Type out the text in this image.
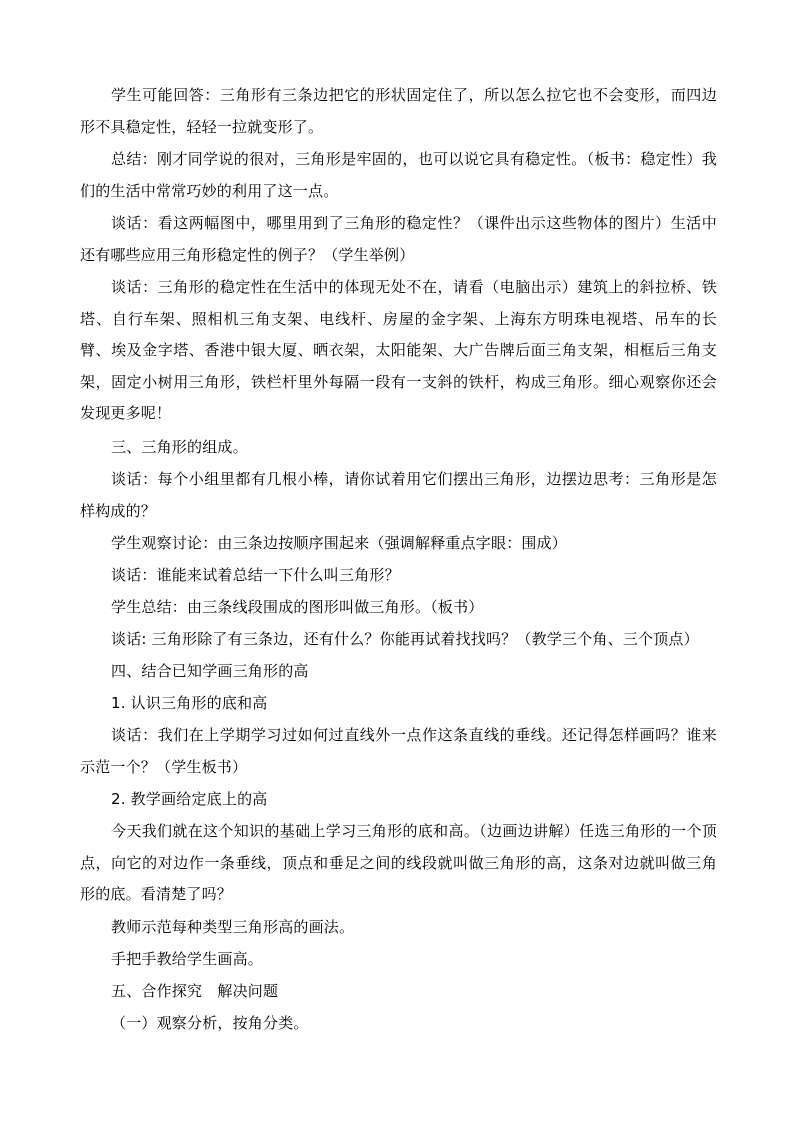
学生可能回答：三角形有三条边把它的形状固定住了，所以怎么拉它也不会变形，而四边形不具稳定性，轻轻一拉就变形了。

总结：刚才同学说的很对，三角形是牢固的，也可以说它具有稳定性。（板书：稳定性）我们的生活中常常巧妙的利用了这一点。

谈话：看这两幅图中，哪里用到了三角形的稳定性？（课件出示这些物体的图片）生活中还有哪些应用三角形稳定性的例子？（学生举例）

谈话：三角形的稳定性在生活中的体现无处不在，请看（电脑出示）建筑上的斜拉桥、铁塔、自行车架、照相机三角支架、电线杆、房屋的金字架、上海东方明珠电视塔、吊车的长臂、埃及金字塔、香港中银大厦、晒衣架，太阳能架、大广告牌后面三角支架，相框后三角支架，固定小树用三角形，铁栏杆里外每隔一段有一支斜的铁杆，构成三角形。细心观察你还会发现更多呢！

三、三角形的组成。

谈话：每个小组里都有几根小棒，请你试着用它们摆出三角形，边摆边思考：三角形是怎样构成的？

学生观察讨论：由三条边按顺序围起来（强调解释重点字眼：围成）

谈话：谁能来试着总结一下什么叫三角形？

学生总结：由三条线段围成的图形叫做三角形。（板书）

谈话: 三角形除了有三条边，还有什么？你能再试着找找吗？（教学三个角、三个顶点）

四、结合已知学画三角形的高

1. 认识三角形的底和高

谈话：我们在上学期学习过如何过直线外一点作这条直线的垂线。还记得怎样画吗？谁来示范一个？（学生板书）

2. 教学画给定底上的高

今天我们就在这个知识的基础上学习三角形的底和高。（边画边讲解）任选三角形的一个顶点，向它的对边作一条垂线，顶点和垂足之间的线段就叫做三角形的高，这条对边就叫做三角形的底。看清楚了吗？

教师示范每种类型三角形高的画法。

手把手教给学生画高。

五、合作探究　解决问题

（一）观察分析，按角分类。
